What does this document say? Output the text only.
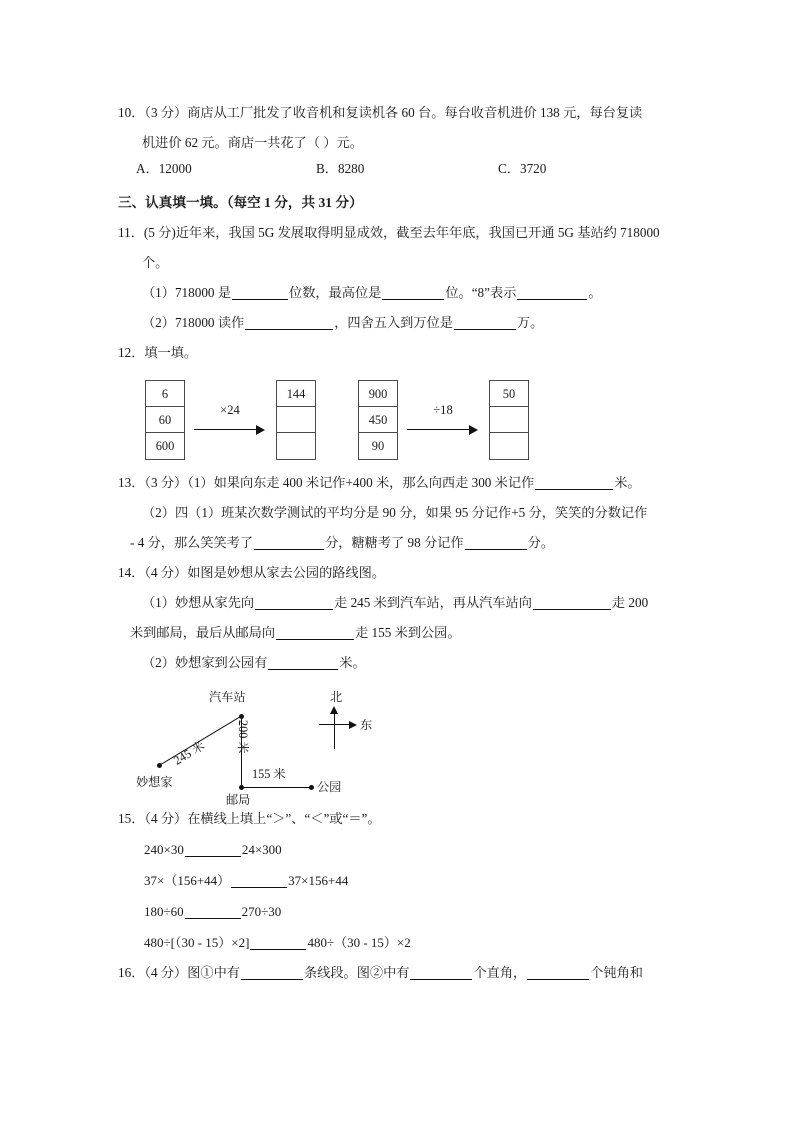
10．（3 分）商店从工厂批发了收音机和复读机各 60 台。每台收音机进价 138 元，每台复读
机进价 62 元。商店一共花了（ ）元。
A．12000	B．8280	C．3720
三、认真填一填。（每空 1 分，共 31 分）
11．(5 分)近年来，我国 5G 发展取得明显成效，截至去年年底，我国已开通 5G 基站约 718000
个。
（1）718000 是	位数，最高位是	位。“8”表示	。
（2）718000 读作	，四舍五入到万位是	万。
12．填一填。
6
60
600
×24
144	900
450
90
÷18
50
13．（3 分）（1）如果向东走 400 米记作+400 米，那么向西走 300 米记作	米。
（2）四（1）班某次数学测试的平均分是 90 分，如果 95 分记作+5 分，笑笑的分数记作
- 4 分，那么笑笑考了	分，糖糖考了 98 分记作	分。
14．（4 分）如图是妙想从家去公园的路线图。
（1）妙想从家先向	走 245 米到汽车站，再从汽车站向	走 200
米到邮局，最后从邮局向	走 155 米到公园。
（2）妙想家到公园有	米。
汽车站
245 米 200 米
155 米
妙想家
邮局
公园
北
东
15．（4 分）在横线上填上“＞”、“＜”或“＝”。
240×30	24×300
37×（156+44）	37×156+44
180÷60	270÷30
480÷[（30 - 15）×2]	480÷（30 - 15）×2
16．（4 分）图①中有	条线段。图②中有	个直角，	个钝角和
